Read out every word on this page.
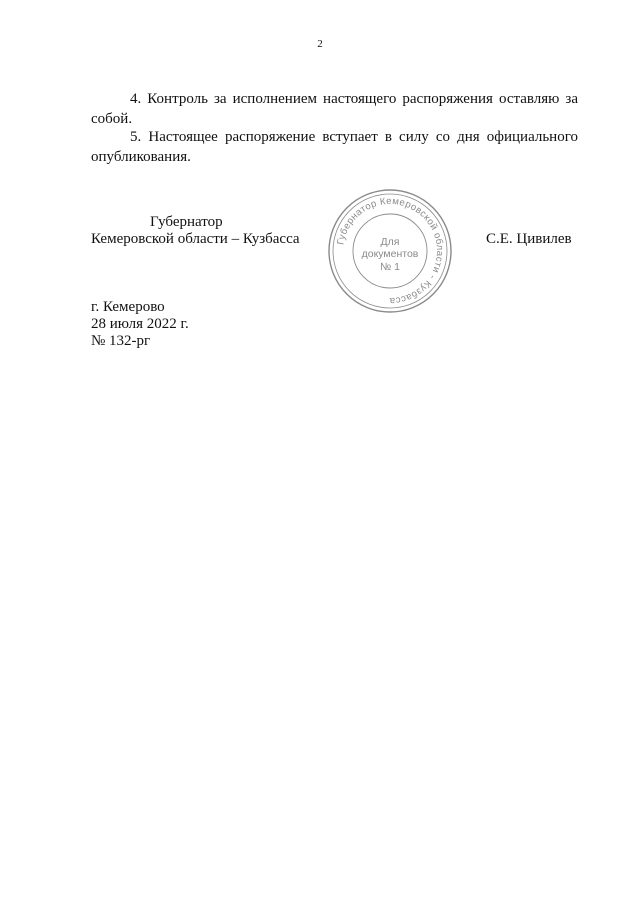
2

4. Контроль за исполнением настоящего распоряжения оставляю за собой.

5. Настоящее распоряжение вступает в силу со дня официального опубликования.

Губернатор
Кемеровской области – Кузбасса	Губернатор Кемеровской области - Кузбасса
Для
документов
№ 1
С.Е. Цивилев
г. Кемерово
28 июля 2022 г.
№ 132-рг
